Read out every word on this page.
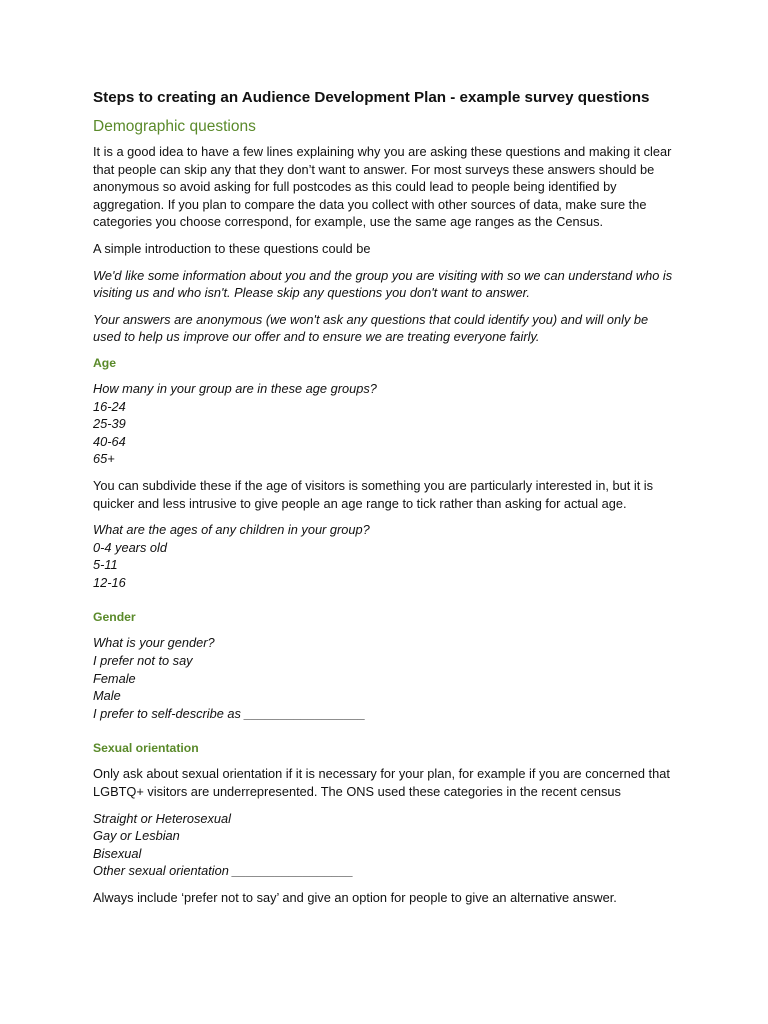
Steps to creating an Audience Development Plan - example survey questions
Demographic questions

It is a good idea to have a few lines explaining why you are asking these questions and making it clear that people can skip any that they don’t want to answer. For most surveys these answers should be anonymous so avoid asking for full postcodes as this could lead to people being identified by aggregation. If you plan to compare the data you collect with other sources of data, make sure the categories you choose correspond, for example, use the same age ranges as the Census.

A simple introduction to these questions could be

We'd like some information about you and the group you are visiting with so we can understand who is visiting us and who isn't. Please skip any questions you don't want to answer.

Your answers are anonymous (we won't ask any questions that could identify you) and will only be used to help us improve our offer and to ensure we are treating everyone fairly.

Age
How many in your group are in these age groups?
16-24
25-39
40-64
65+

You can subdivide these if the age of visitors is something you are particularly interested in, but it is quicker and less intrusive to give people an age range to tick rather than asking for actual age.

What are the ages of any children in your group?
0-4 years old
5-11
12-16
Gender
What is your gender?
I prefer not to say
Female
Male
I prefer to self-describe as _________________
Sexual orientation

Only ask about sexual orientation if it is necessary for your plan, for example if you are concerned that LGBTQ+ visitors are underrepresented. The ONS used these categories in the recent census

Straight or Heterosexual
Gay or Lesbian
Bisexual
Other sexual orientation _________________

Always include ‘prefer not to say’ and give an option for people to give an alternative answer.
